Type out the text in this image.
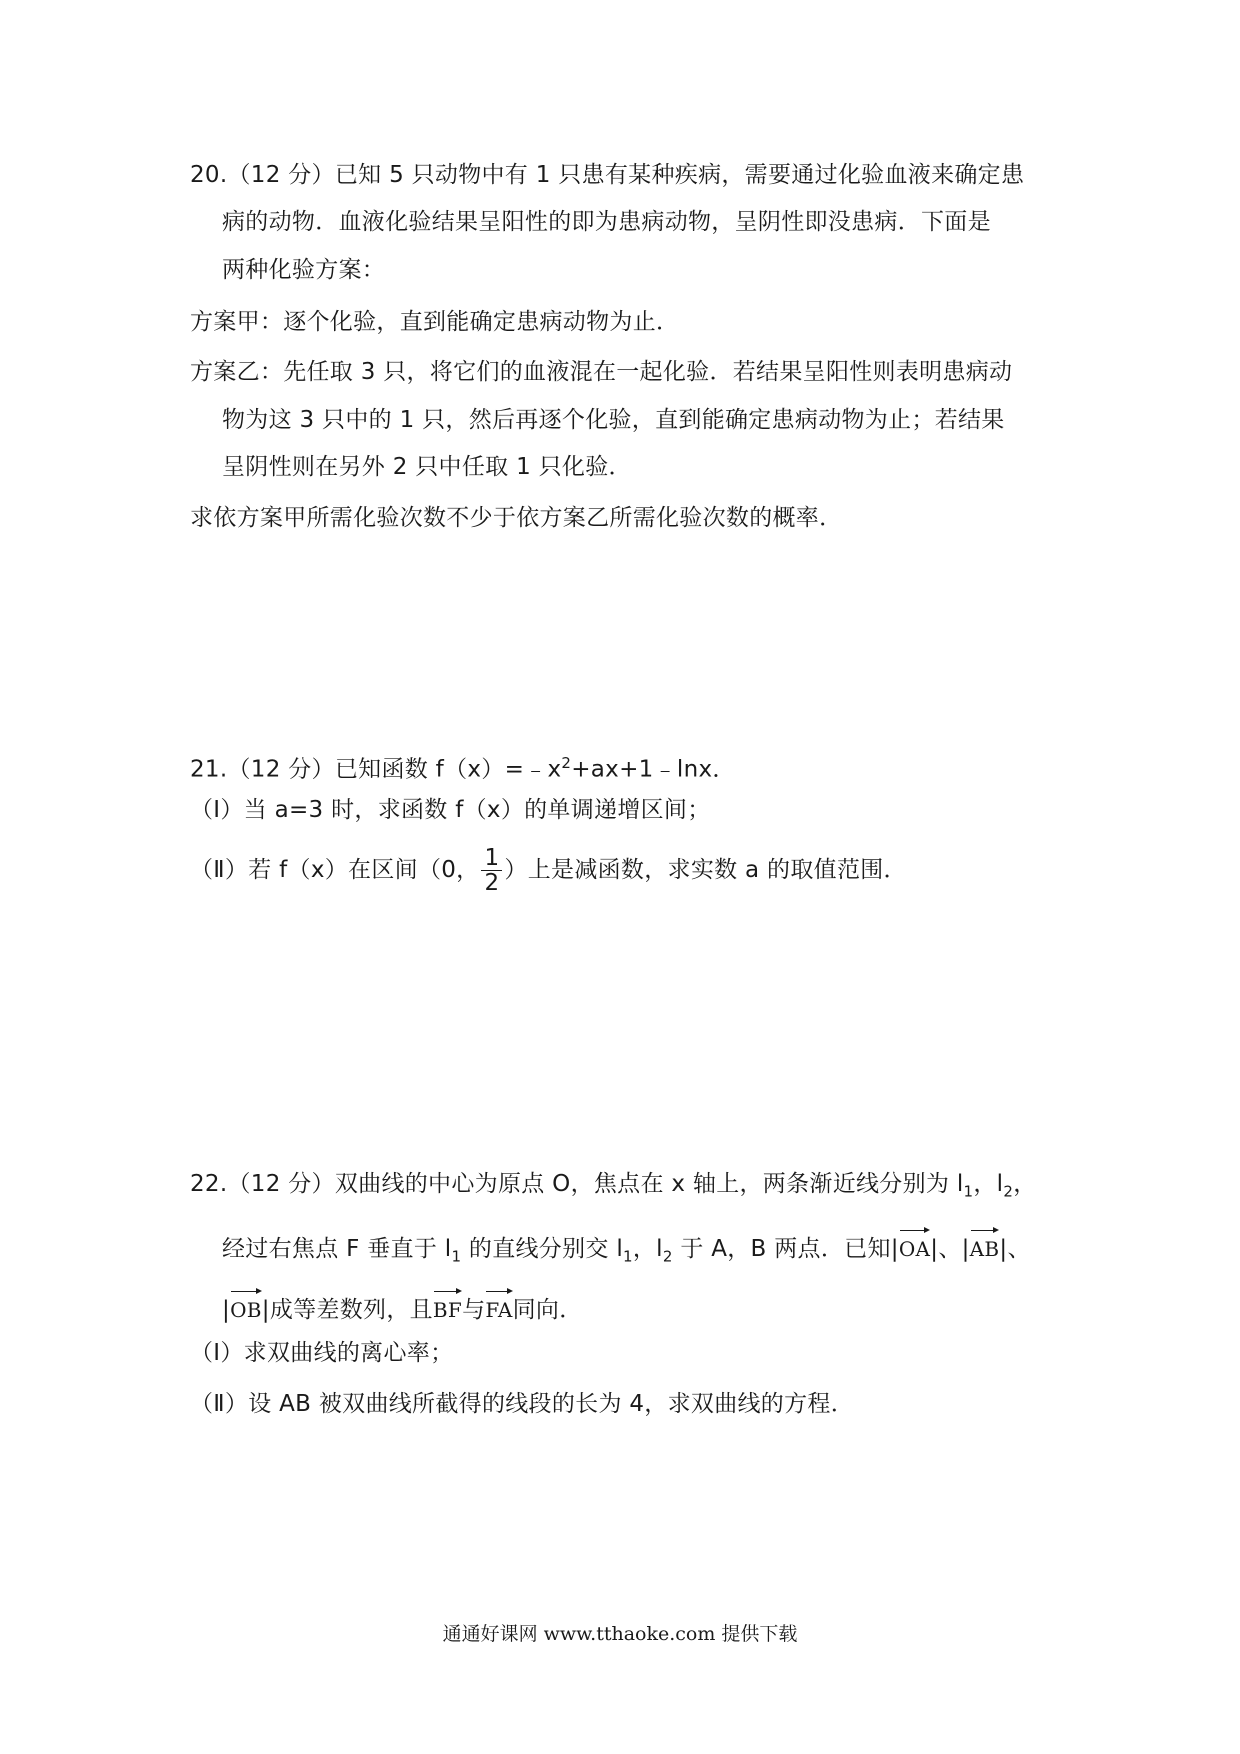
20.（12 分）已知 5 只动物中有 1 只患有某种疾病，需要通过化验血液来确定患
病的动物．血液化验结果呈阳性的即为患病动物，呈阴性即没患病．下面是
两种化验方案：
方案甲：逐个化验，直到能确定患病动物为止．
方案乙：先任取 3 只，将它们的血液混在一起化验．若结果呈阳性则表明患病动
物为这 3 只中的 1 只，然后再逐个化验，直到能确定患病动物为止；若结果
呈阴性则在另外 2 只中任取 1 只化验．
求依方案甲所需化验次数不少于依方案乙所需化验次数的概率．
21.（12 分）已知函数 $f(x)=﹣x^2+ax+1﹣\ln x$．
（Ⅰ）当 a=3 时，求函数 f（x）的单调递增区间；
（Ⅱ）若 f（x）在区间（0， $\frac{1}{2}$ ）上是减函数，求实数 a 的取值范围．
22.（12 分）双曲线的中心为原点 O，焦点在 x 轴上，两条渐近线分别为 $l_1$，$l_2$，
经过右焦点 F 垂直于 $l_1$ 的直线分别交 $l_1$，$l_2$ 于 A，B 两点．已知|OA|、|AB|、
|OB|成等差数列，且BF与FA同向．
（Ⅰ）求双曲线的离心率；
（Ⅱ）设 AB 被双曲线所截得的线段的长为 4，求双曲线的方程．
通通好课网 www.tthaoke.com 提供下载
